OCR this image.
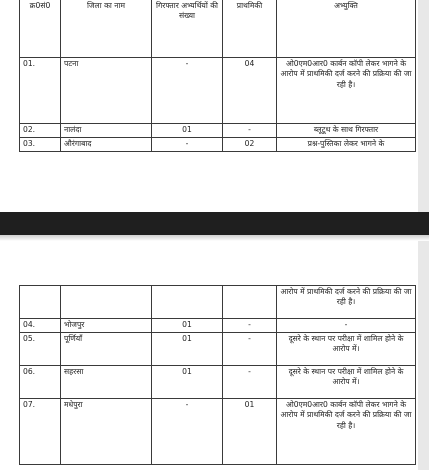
क्र0सं0	जिला का नाम	गिरफ्तार अभ्यर्थियों की संख्या	प्राथमिकी	अभ्युक्ति
01.	पटना	-	04	ओ0एम0आर0 कार्बन कॉपी लेकर भागने के आरोप में प्राथमिकी दर्ज करने की प्रक्रिया की जा रही है।
02.	नालंदा	01	-	ब्लूटूथ के साथ गिरफ्तार
03.	औरंगाबाद	-	02	प्रश्न-पुस्तिका लेकर भागने के
				आरोप में प्राथमिकी दर्ज करने की प्रक्रिया की जा रही है।
04.	भोजपुर	01	-	-
05.	पूर्णियाँ	01	-	दूसरे के स्थान पर परीक्षा में शामिल होने के आरोप में।
06.	सहरसा	01	-	दूसरे के स्थान पर परीक्षा में शामिल होने के आरोप में।
07.	मधेपुरा	-	01	ओ0एम0आर0 कार्बन कॉपी लेकर भागने के आरोप में प्राथमिकी दर्ज करने की प्रक्रिया की जा रही है।
